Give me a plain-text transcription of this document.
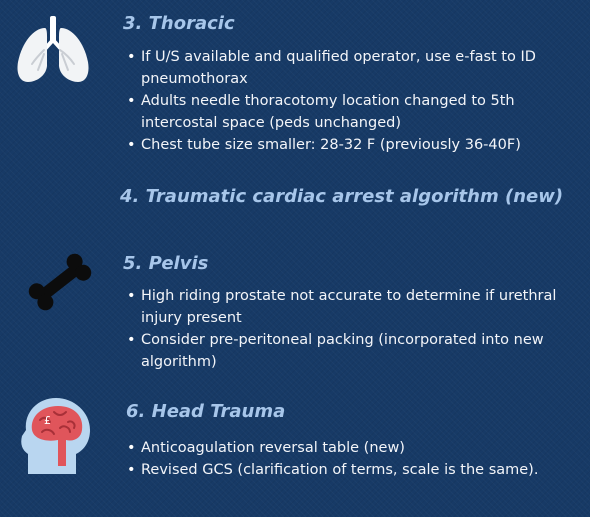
3. Thoracic
• If U/S available and qualified operator, use e-fast to ID pneumothorax
• Adults needle thoracotomy location changed to 5th intercostal space (peds unchanged)
• Chest tube size smaller: 28-32 F (previously 36-40F)
4. Traumatic cardiac arrest algorithm (new)
5. Pelvis
• High riding prostate not accurate to determine if urethral injury present
• Consider pre-peritoneal packing (incorporated into new algorithm)
£	6. Head Trauma
• Anticoagulation reversal table (new)
• Revised GCS (clarification of terms, scale is the same).
